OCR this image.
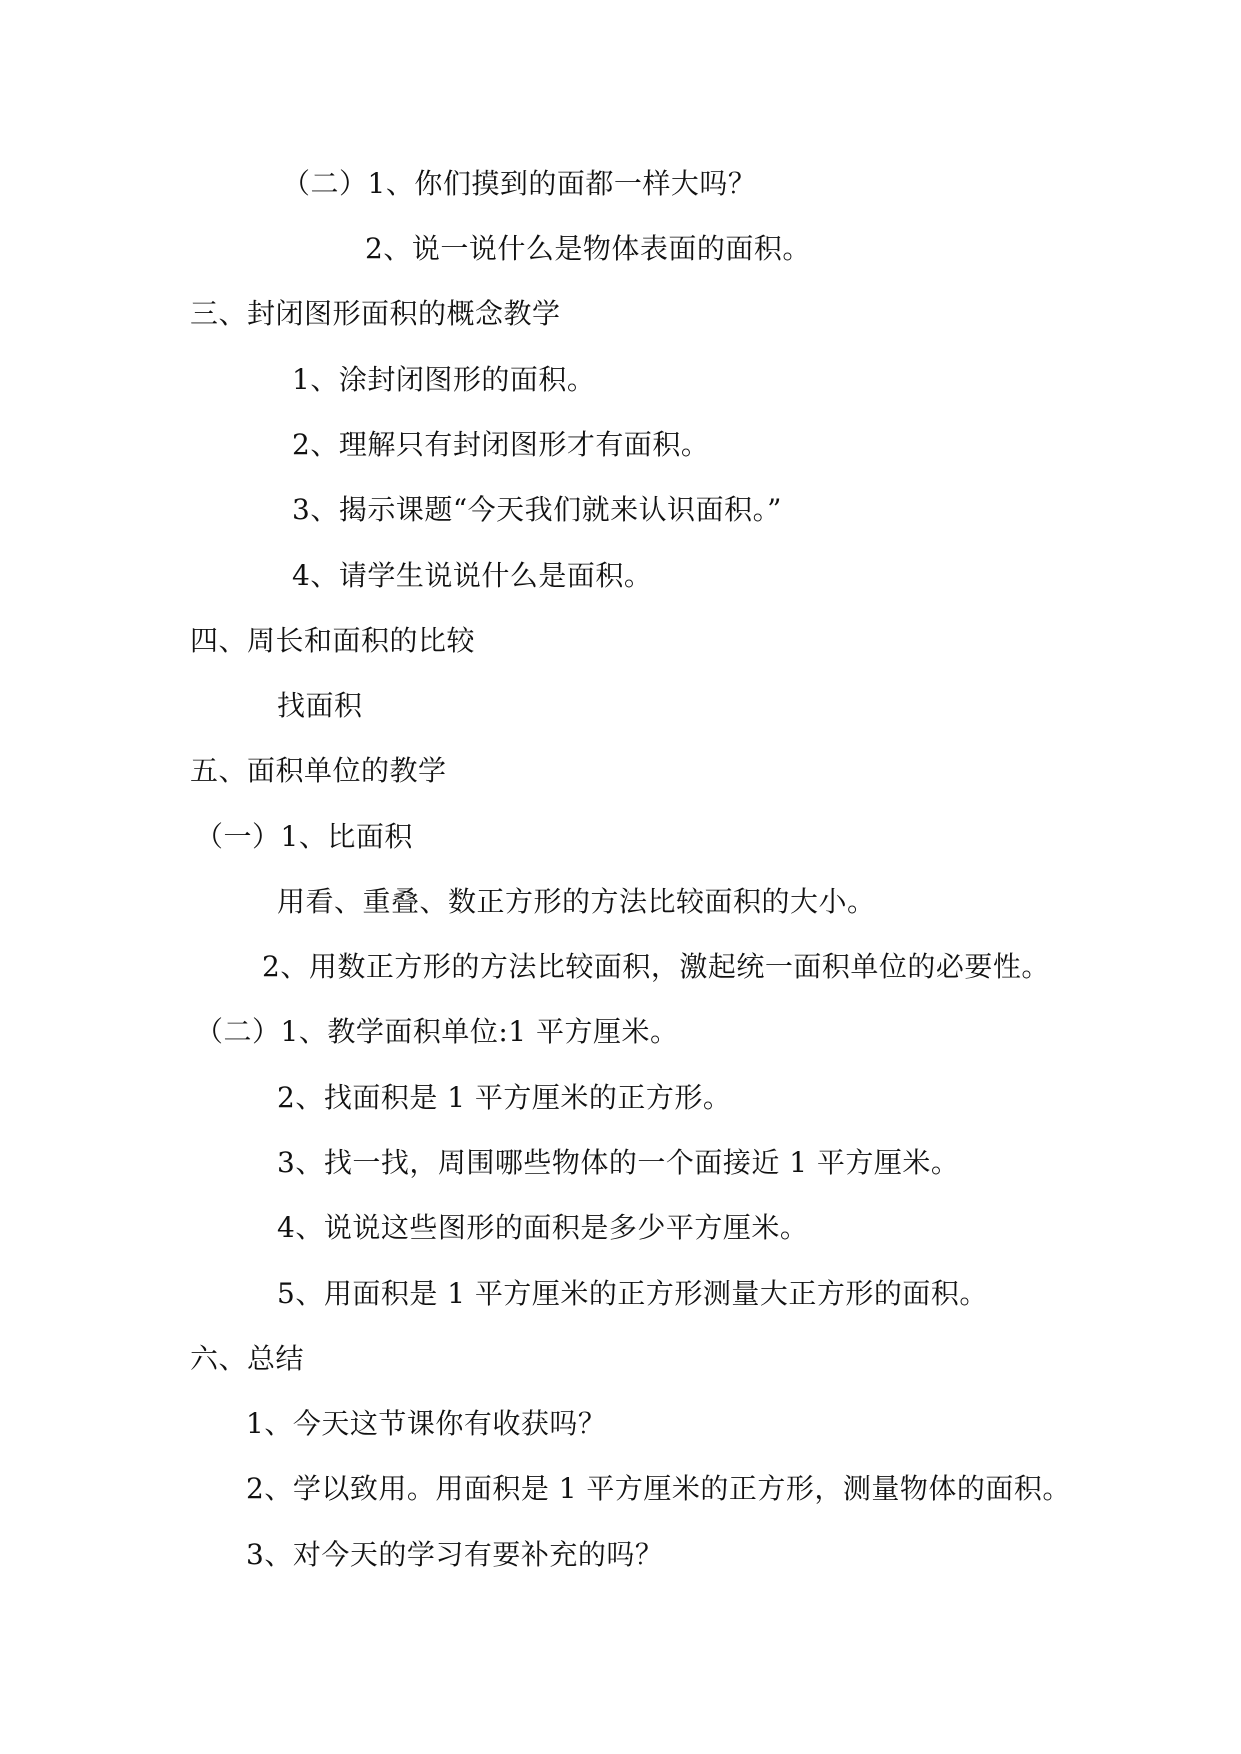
（二）1、你们摸到的面都一样大吗？
2、说一说什么是物体表面的面积。
三、封闭图形面积的概念教学
1、涂封闭图形的面积。
2、理解只有封闭图形才有面积。
3、揭示课题“今天我们就来认识面积。”
4、请学生说说什么是面积。
四、周长和面积的比较
找面积
五、面积单位的教学
（一）1、比面积
用看、重叠、数正方形的方法比较面积的大小。
2、用数正方形的方法比较面积，激起统一面积单位的必要性。
（二）1、教学面积单位:1 平方厘米。
2、找面积是 1 平方厘米的正方形。
3、找一找，周围哪些物体的一个面接近 1 平方厘米。
4、说说这些图形的面积是多少平方厘米。
5、用面积是 1 平方厘米的正方形测量大正方形的面积。
六、总结
1、今天这节课你有收获吗？
2、学以致用。用面积是 1 平方厘米的正方形，测量物体的面积。
3、对今天的学习有要补充的吗？
